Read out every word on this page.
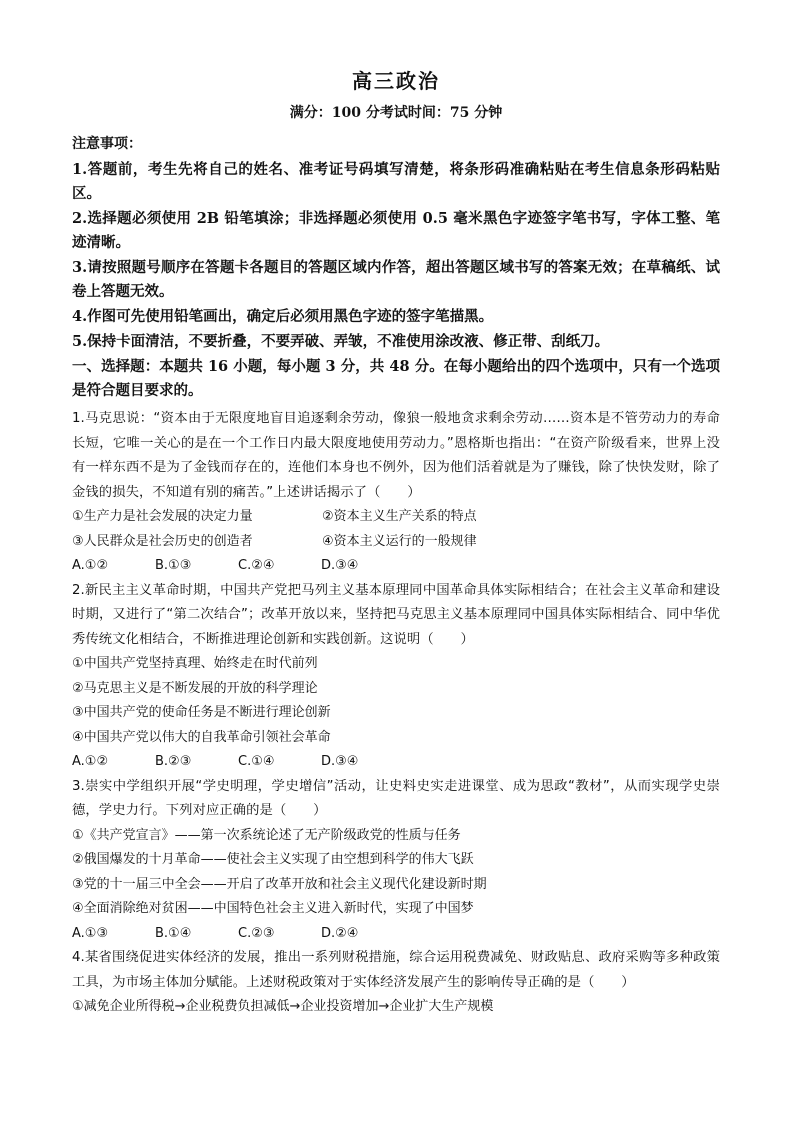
高三政治
满分：100 分考试时间：75 分钟
注意事项：
1.答题前，考生先将自己的姓名、准考证号码填写清楚，将条形码准确粘贴在考生信息条形码粘贴区。
2.选择题必须使用 2B 铅笔填涂；非选择题必须使用 0.5 毫米黑色字迹签字笔书写，字体工整、笔迹清晰。
3.请按照题号顺序在答题卡各题目的答题区域内作答，超出答题区域书写的答案无效；在草稿纸、试卷上答题无效。
4.作图可先使用铅笔画出，确定后必须用黑色字迹的签字笔描黑。
5.保持卡面清洁，不要折叠，不要弄破、弄皱，不准使用涂改液、修正带、刮纸刀。
一、选择题：本题共 16 小题，每小题 3 分，共 48 分。在每小题给出的四个选项中，只有一个选项是符合题目要求的。
1.马克思说：“资本由于无限度地盲目追逐剩余劳动，像狼一般地贪求剩余劳动……资本是不管劳动力的寿命长短，它唯一关心的是在一个工作日内最大限度地使用劳动力。”恩格斯也指出：“在资产阶级看来，世界上没有一样东西不是为了金钱而存在的，连他们本身也不例外，因为他们活着就是为了赚钱，除了快快发财，除了金钱的损失，不知道有别的痛苦。”上述讲话揭示了（　　）
①生产力是社会发展的决定力量	②资本主义生产关系的特点
③人民群众是社会历史的创造者	④资本主义运行的一般规律
A.①②	B.①③	C.②④	D.③④
2.新民主主义革命时期，中国共产党把马列主义基本原理同中国革命具体实际相结合；在社会主义革命和建设时期，又进行了“第二次结合”；改革开放以来，坚持把马克思主义基本原理同中国具体实际相结合、同中华优秀传统文化相结合，不断推进理论创新和实践创新。这说明（　　）
①中国共产党坚持真理、始终走在时代前列
②马克思主义是不断发展的开放的科学理论
③中国共产党的使命任务是不断进行理论创新
④中国共产党以伟大的自我革命引领社会革命
A.①②	B.②③	C.①④	D.③④
3.崇实中学组织开展“学史明理，学史增信”活动，让史料史实走进课堂、成为思政“教材”，从而实现学史崇德，学史力行。下列对应正确的是（　　）
①《共产党宣言》——第一次系统论述了无产阶级政党的性质与任务
②俄国爆发的十月革命——使社会主义实现了由空想到科学的伟大飞跃
③党的十一届三中全会——开启了改革开放和社会主义现代化建设新时期
④全面消除绝对贫困——中国特色社会主义进入新时代，实现了中国梦
A.①③	B.①④	C.②③	D.②④
4.某省围绕促进实体经济的发展，推出一系列财税措施，综合运用税费减免、财政贴息、政府采购等多种政策工具，为市场主体加分赋能。上述财税政策对于实体经济发展产生的影响传导正确的是（　　）
①减免企业所得税→企业税费负担减低→企业投资增加→企业扩大生产规模
